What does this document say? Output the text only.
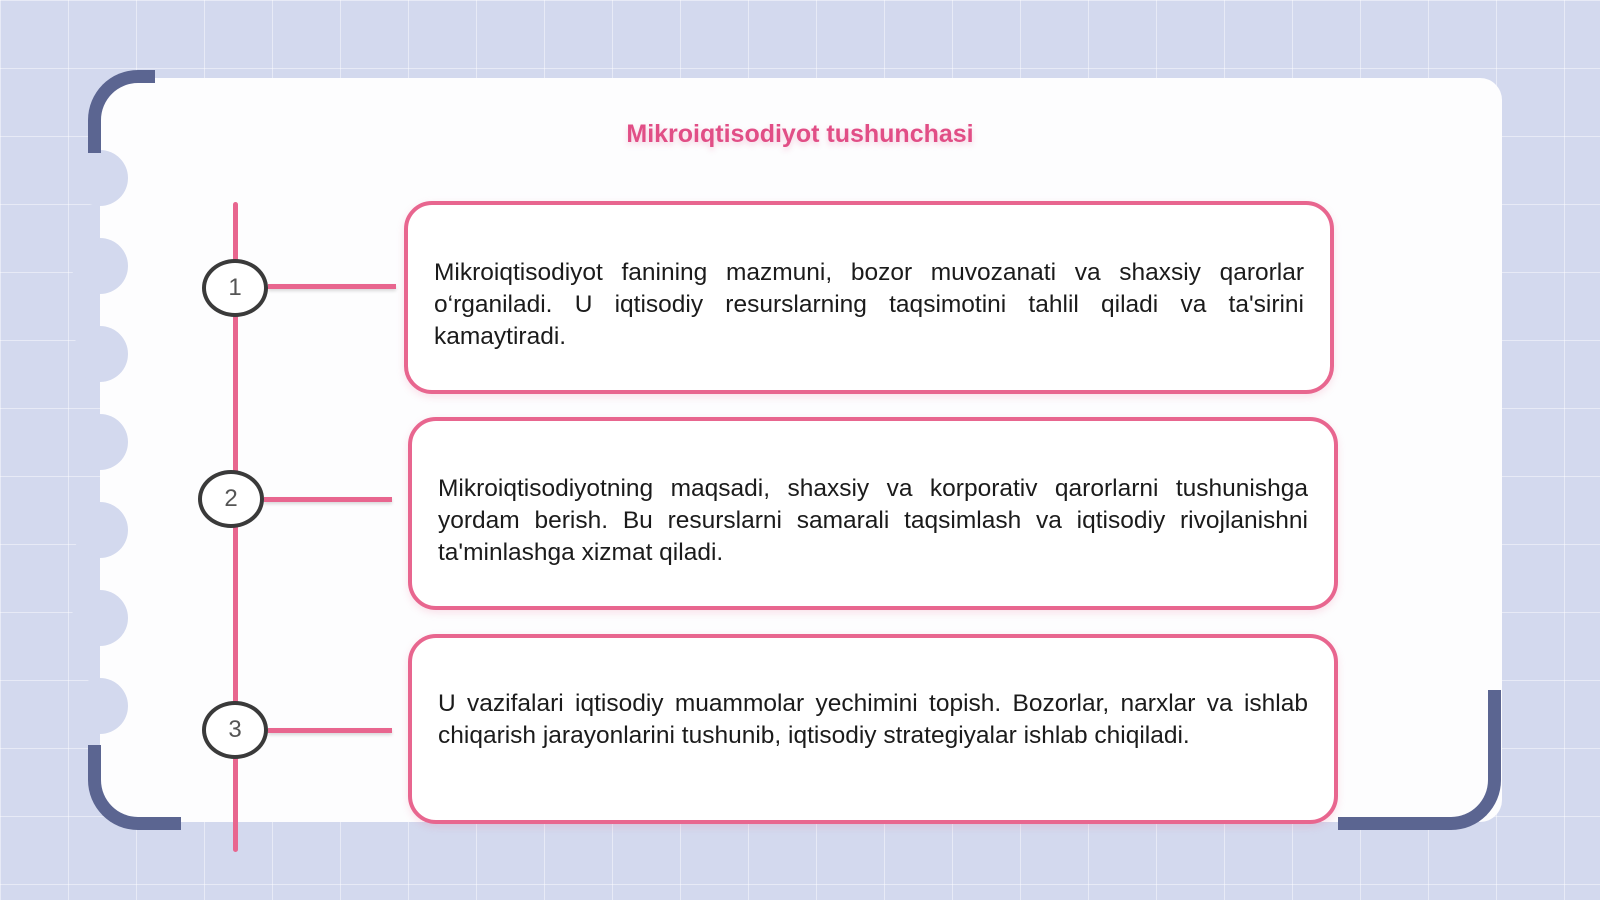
Mikroiqtisodiyot tushunchasi
1

Mikroiqtisodiyot fanining mazmuni, bozor muvozanati va shaxsiy qarorlar o‘rganiladi. U iqtisodiy resurslarning taqsimotini tahlil qiladi va ta'sirini kamaytiradi.

2	Mikroiqtisodiyotning maqsadi, shaxsiy va korporativ qarorlarni tushunishga yordam berish. Bu resurslarni samarali taqsimlash va iqtisodiy rivojlanishni ta'minlashga xizmat qiladi.

3

U vazifalari iqtisodiy muammolar yechimini topish. Bozorlar, narxlar va ishlab chiqarish jarayonlarini tushunib, iqtisodiy strategiyalar ishlab chiqiladi.
